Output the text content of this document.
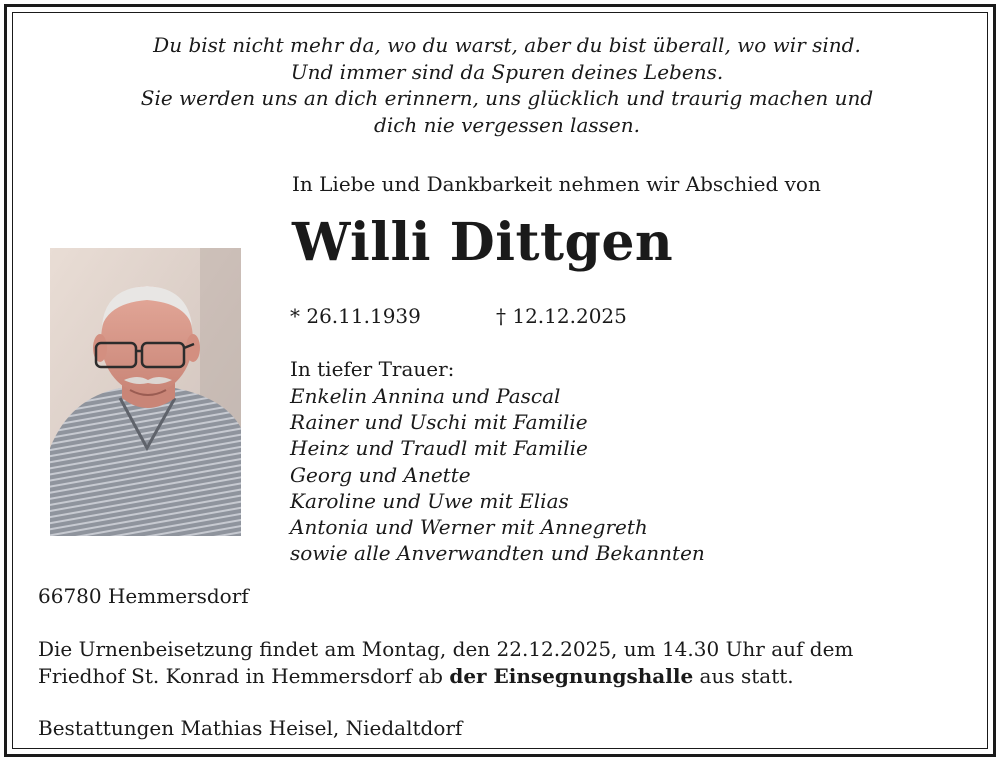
Du bist nicht mehr da, wo du warst, aber du bist überall, wo wir sind.
Und immer sind da Spuren deines Lebens.
Sie werden uns an dich erinnern, uns glücklich und traurig machen und
dich nie vergessen lassen.
In Liebe und Dankbarkeit nehmen wir Abschied von
Willi Dittgen
* 26.11.1939	† 12.12.2025
In tiefer Trauer:
Enkelin Annina und Pascal
Rainer und Uschi mit Familie
Heinz und Traudl mit Familie
Georg und Anette
Karoline und Uwe mit Elias
Antonia und Werner mit Annegreth
sowie alle Anverwandten und Bekannten
66780 Hemmersdorf
Die Urnenbeisetzung findet am Montag, den 22.12.2025, um 14.30 Uhr auf dem
Friedhof St. Konrad in Hemmersdorf ab der Einsegnungshalle aus statt.
Bestattungen Mathias Heisel, Niedaltdorf
